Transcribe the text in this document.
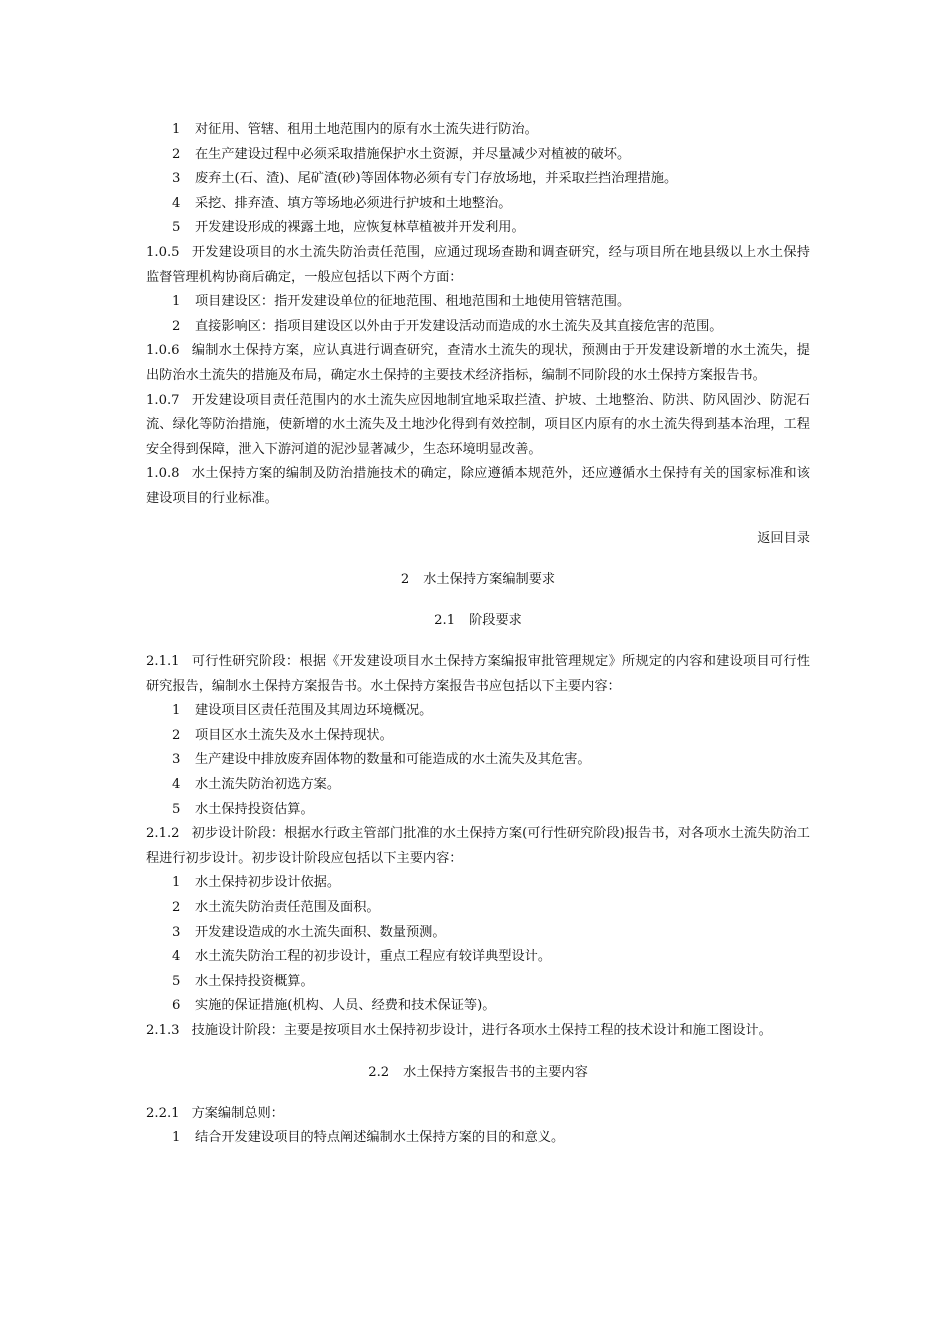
1 对征用、管辖、租用土地范围内的原有水土流失进行防治。
2 在生产建设过程中必须采取措施保护水土资源，并尽量减少对植被的破坏。
3 废弃土(石、渣)、尾矿渣(砂)等固体物必须有专门存放场地，并采取拦挡治理措施。
4 采挖、排弃渣、填方等场地必须进行护坡和土地整治。
5 开发建设形成的裸露土地，应恢复林草植被并开发利用。
1.0.5 开发建设项目的水土流失防治责任范围，应通过现场查勘和调查研究，经与项目所在地县级以上水土保持监督管理机构协商后确定，一般应包括以下两个方面：
1 项目建设区：指开发建设单位的征地范围、租地范围和土地使用管辖范围。
2 直接影响区：指项目建设区以外由于开发建设活动而造成的水土流失及其直接危害的范围。
1.0.6 编制水土保持方案，应认真进行调查研究，查清水土流失的现状，预测由于开发建设新增的水土流失，提出防治水土流失的措施及布局，确定水土保持的主要技术经济指标，编制不同阶段的水土保持方案报告书。
1.0.7 开发建设项目责任范围内的水土流失应因地制宜地采取拦渣、护坡、土地整治、防洪、防风固沙、防泥石流、绿化等防治措施，使新增的水土流失及土地沙化得到有效控制，项目区内原有的水土流失得到基本治理，工程安全得到保障，泄入下游河道的泥沙显著减少，生态环境明显改善。
1.0.8 水土保持方案的编制及防治措施技术的确定，除应遵循本规范外，还应遵循水土保持有关的国家标准和该建设项目的行业标准。
返回目录
2 水土保持方案编制要求
2.1 阶段要求
2.1.1 可行性研究阶段：根据《开发建设项目水土保持方案编报审批管理规定》所规定的内容和建设项目可行性研究报告，编制水土保持方案报告书。水土保持方案报告书应包括以下主要内容：
1 建设项目区责任范围及其周边环境概况。
2 项目区水土流失及水土保持现状。
3 生产建设中排放废弃固体物的数量和可能造成的水土流失及其危害。
4 水土流失防治初选方案。
5 水土保持投资估算。
2.1.2 初步设计阶段：根据水行政主管部门批准的水土保持方案(可行性研究阶段)报告书，对各项水土流失防治工程进行初步设计。初步设计阶段应包括以下主要内容：
1 水土保持初步设计依据。
2 水土流失防治责任范围及面积。
3 开发建设造成的水土流失面积、数量预测。
4 水土流失防治工程的初步设计，重点工程应有较详典型设计。
5 水土保持投资概算。
6 实施的保证措施(机构、人员、经费和技术保证等)。
2.1.3 技施设计阶段：主要是按项目水土保持初步设计，进行各项水土保持工程的技术设计和施工图设计。
2.2 水土保持方案报告书的主要内容
2.2.1 方案编制总则：
1 结合开发建设项目的特点阐述编制水土保持方案的目的和意义。
